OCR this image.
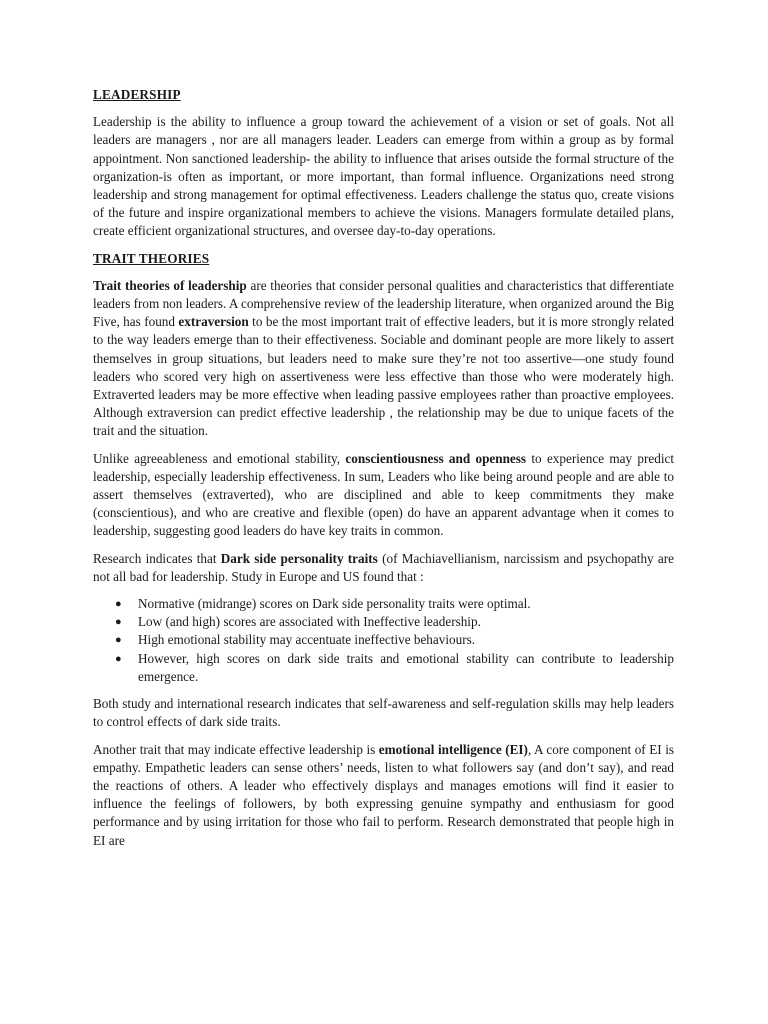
LEADERSHIP

Leadership is the ability to influence a group toward the achievement of a vision or set of goals. Not all leaders are managers , nor are all managers leader. Leaders can emerge from within a group as by formal appointment. Non sanctioned leadership- the ability to influence that arises outside the formal structure of the organization-is often as important, or more important, than formal influence. Organizations need strong leadership and strong management for optimal effectiveness. Leaders challenge the status quo, create visions of the future and inspire organizational members to achieve the visions. Managers formulate detailed plans, create efficient organizational structures, and oversee day-to-day operations.

TRAIT THEORIES

Trait theories of leadership are theories that consider personal qualities and characteristics that differentiate leaders from non leaders. A comprehensive review of the leadership literature, when organized around the Big Five, has found extraversion to be the most important trait of effective leaders, but it is more strongly related to the way leaders emerge than to their effectiveness. Sociable and dominant people are more likely to assert themselves in group situations, but leaders need to make sure they’re not too assertive—one study found leaders who scored very high on assertiveness were less effective than those who were moderately high. Extraverted leaders may be more effective when leading passive employees rather than proactive employees. Although extraversion can predict effective leadership , the relationship may be due to unique facets of the trait and the situation.

Unlike agreeableness and emotional stability, conscientiousness and openness to experience may predict leadership, especially leadership effectiveness. In sum, Leaders who like being around people and are able to assert themselves (extraverted), who are disciplined and able to keep commitments they make (conscientious), and who are creative and flexible (open) do have an apparent advantage when it comes to leadership, suggesting good leaders do have key traits in common.

Research indicates that Dark side personality traits (of Machiavellianism, narcissism and psychopathy are not all bad for leadership. Study in Europe and US found that :

● Normative (midrange) scores on Dark side personality traits were optimal.
● Low (and high) scores are associated with Ineffective leadership.
● High emotional stability may accentuate ineffective behaviours.
● However, high scores on dark side traits and emotional stability can contribute to leadership emergence.

Both study and international research indicates that self-awareness and self-regulation skills may help leaders to control effects of dark side traits.

Another trait that may indicate effective leadership is emotional intelligence (EI), A core component of EI is empathy. Empathetic leaders can sense others’ needs, listen to what followers say (and don’t say), and read the reactions of others. A leader who effectively displays and manages emotions will find it easier to influence the feelings of followers, by both expressing genuine sympathy and enthusiasm for good performance and by using irritation for those who fail to perform. Research demonstrated that people high in EI are
